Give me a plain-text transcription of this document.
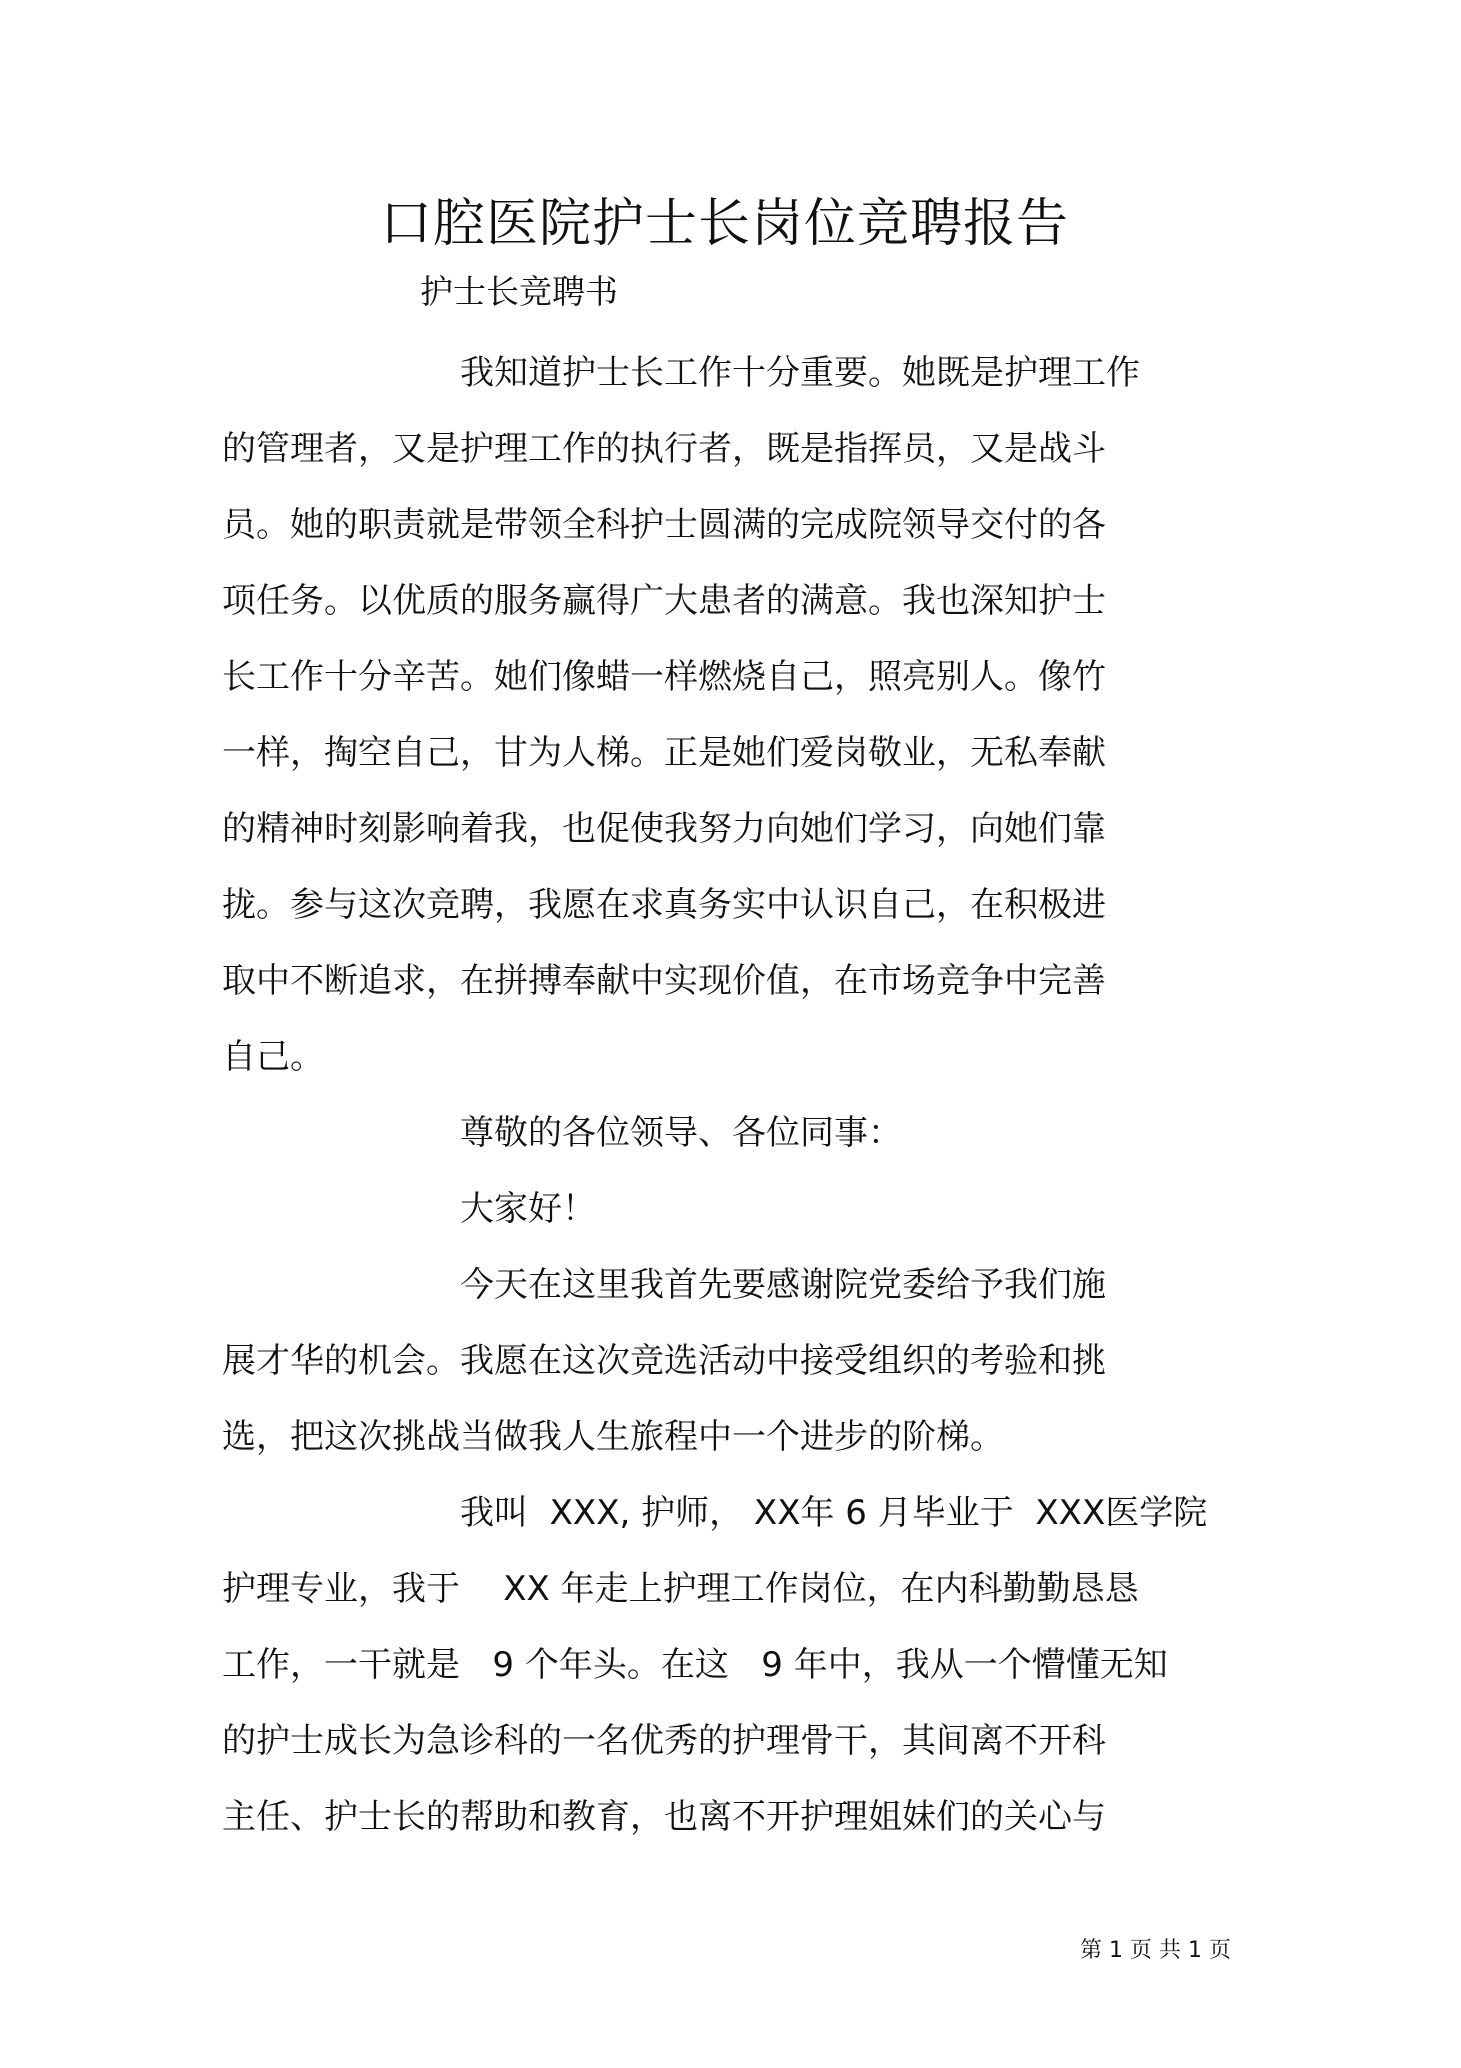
口腔医院护士长岗位竞聘报告
护士长竞聘书
我知道护士长工作十分重要。她既是护理工作
的管理者，又是护理工作的执行者，既是指挥员，又是战斗
员。她的职责就是带领全科护士圆满的完成院领导交付的各
项任务。以优质的服务赢得广大患者的满意。我也深知护士
长工作十分辛苦。她们像蜡一样燃烧自己，照亮别人。像竹
一样，掏空自己，甘为人梯。正是她们爱岗敬业，无私奉献
的精神时刻影响着我，也促使我努力向她们学习，向她们靠
拢。参与这次竞聘，我愿在求真务实中认识自己，在积极进
取中不断追求，在拼搏奉献中实现价值，在市场竞争中完善
自己。
尊敬的各位领导、各位同事：
大家好！
今天在这里我首先要感谢院党委给予我们施
展才华的机会。我愿在这次竞选活动中接受组织的考验和挑
选，把这次挑战当做我人生旅程中一个进步的阶梯。
我叫  XXX, 护师， XX年 6 月毕业于  XXX医学院
护理专业，我于    XX 年走上护理工作岗位，在内科勤勤恳恳
工作，一干就是   9 个年头。在这   9 年中，我从一个懵懂无知
的护士成长为急诊科的一名优秀的护理骨干，其间离不开科
主任、护士长的帮助和教育，也离不开护理姐妹们的关心与
第 1 页 共 1 页
